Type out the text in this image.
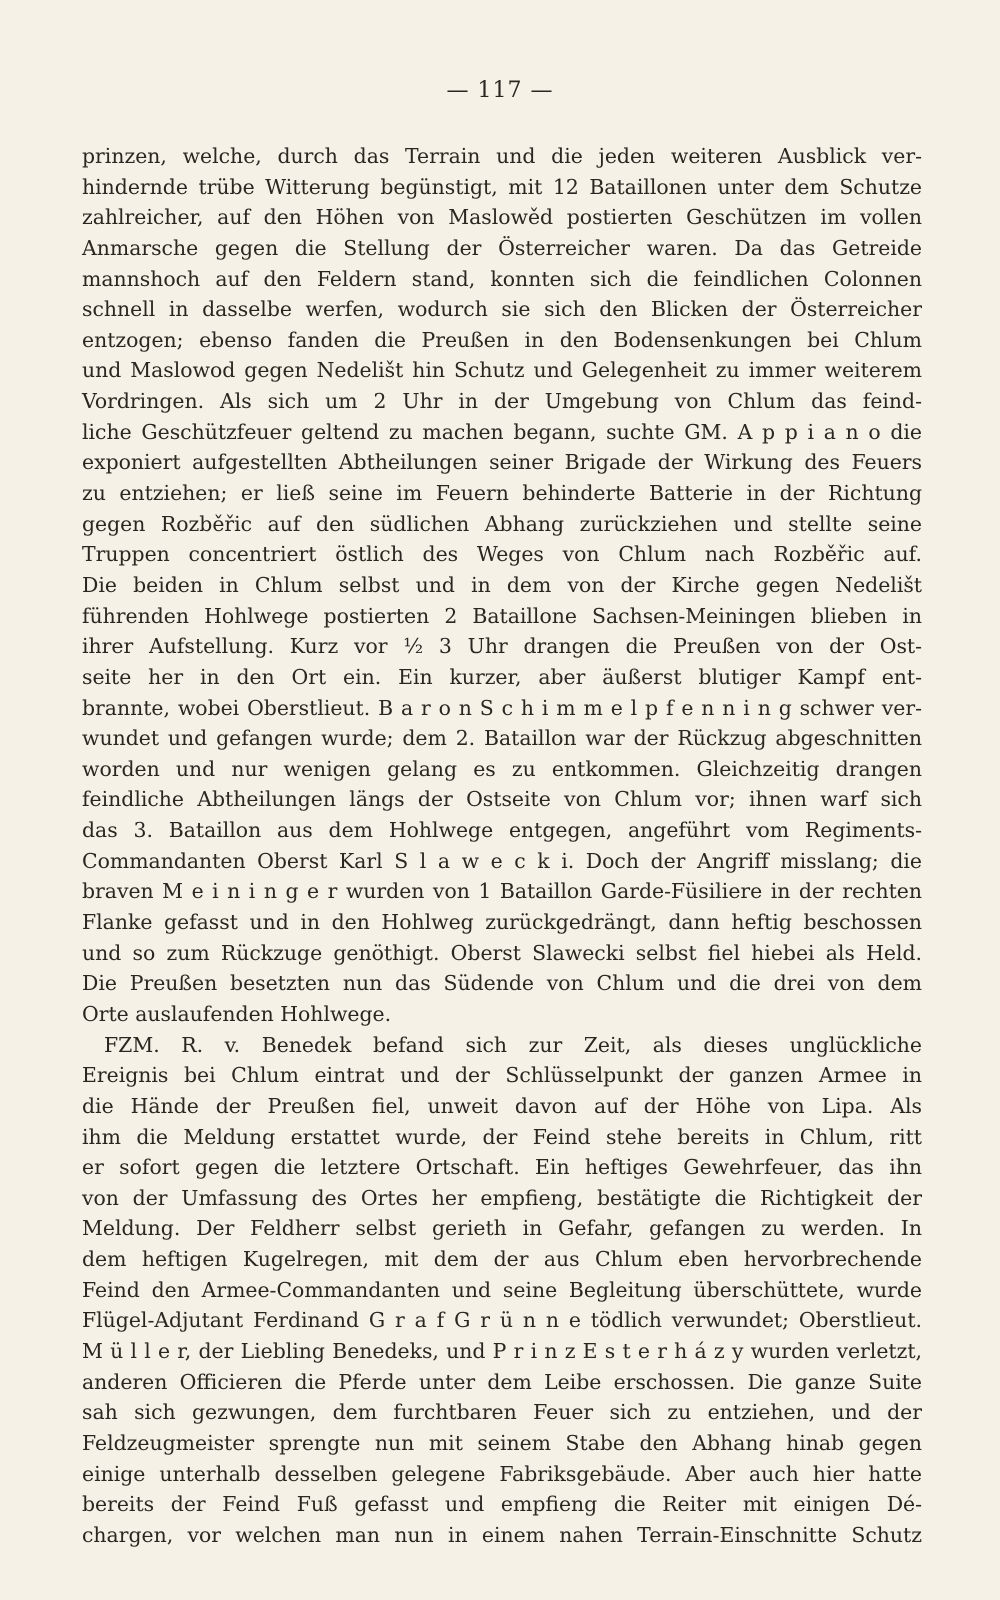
— 117 —
prinzen, welche, durch das Terrain und die jeden weiteren Ausblick ver-
hindernde trübe Witterung begünstigt, mit 12 Bataillonen unter dem Schutze
zahlreicher, auf den Höhen von Maslowěd postierten Geschützen im vollen
Anmarsche gegen die Stellung der Österreicher waren. Da das Getreide
mannshoch auf den Feldern stand, konnten sich die feindlichen Colonnen
schnell in dasselbe werfen, wodurch sie sich den Blicken der Österreicher
entzogen; ebenso fanden die Preußen in den Bodensenkungen bei Chlum
und Maslowod gegen Nedelišt hin Schutz und Gelegenheit zu immer weiterem
Vordringen. Als sich um 2 Uhr in der Umgebung von Chlum das feind-
liche Geschützfeuer geltend zu machen begann, suchte GM. A p p i a n o die
exponiert aufgestellten Abtheilungen seiner Brigade der Wirkung des Feuers
zu entziehen; er ließ seine im Feuern behinderte Batterie in der Richtung
gegen Rozběřic auf den südlichen Abhang zurückziehen und stellte seine
Truppen concentriert östlich des Weges von Chlum nach Rozběřic auf.
Die beiden in Chlum selbst und in dem von der Kirche gegen Nedelišt
führenden Hohlwege postierten 2 Bataillone Sachsen-Meiningen blieben in
ihrer Aufstellung. Kurz vor ½ 3 Uhr drangen die Preußen von der Ost-
seite her in den Ort ein. Ein kurzer, aber äußerst blutiger Kampf ent-
brannte, wobei Oberstlieut. B a r o n S c h i m m e l p f e n n i n g schwer ver-
wundet und gefangen wurde; dem 2. Bataillon war der Rückzug abgeschnitten
worden und nur wenigen gelang es zu entkommen. Gleichzeitig drangen
feindliche Abtheilungen längs der Ostseite von Chlum vor; ihnen warf sich
das 3. Bataillon aus dem Hohlwege entgegen, angeführt vom Regiments-
Commandanten Oberst Karl S l a w e c k i. Doch der Angriff misslang; die
braven M e i n i n g e r wurden von 1 Bataillon Garde-Füsiliere in der rechten
Flanke gefasst und in den Hohlweg zurückgedrängt, dann heftig beschossen
und so zum Rückzuge genöthigt. Oberst Slawecki selbst fiel hiebei als Held.
Die Preußen besetzten nun das Südende von Chlum und die drei von dem
Orte auslaufenden Hohlwege.
FZM. R. v. Benedek befand sich zur Zeit, als dieses unglückliche
Ereignis bei Chlum eintrat und der Schlüsselpunkt der ganzen Armee in
die Hände der Preußen fiel, unweit davon auf der Höhe von Lipa. Als
ihm die Meldung erstattet wurde, der Feind stehe bereits in Chlum, ritt
er sofort gegen die letztere Ortschaft. Ein heftiges Gewehrfeuer, das ihn
von der Umfassung des Ortes her empfieng, bestätigte die Richtigkeit der
Meldung. Der Feldherr selbst gerieth in Gefahr, gefangen zu werden. In
dem heftigen Kugelregen, mit dem der aus Chlum eben hervorbrechende
Feind den Armee-Commandanten und seine Begleitung überschüttete, wurde
Flügel-Adjutant Ferdinand G r a f G r ü n n e tödlich verwundet; Oberstlieut.
M ü l l e r, der Liebling Benedeks, und P r i n z E s t e r h á z y wurden verletzt,
anderen Officieren die Pferde unter dem Leibe erschossen. Die ganze Suite
sah sich gezwungen, dem furchtbaren Feuer sich zu entziehen, und der
Feldzeugmeister sprengte nun mit seinem Stabe den Abhang hinab gegen
einige unterhalb desselben gelegene Fabriksgebäude. Aber auch hier hatte
bereits der Feind Fuß gefasst und empfieng die Reiter mit einigen Dé-
chargen, vor welchen man nun in einem nahen Terrain-Einschnitte Schutz
